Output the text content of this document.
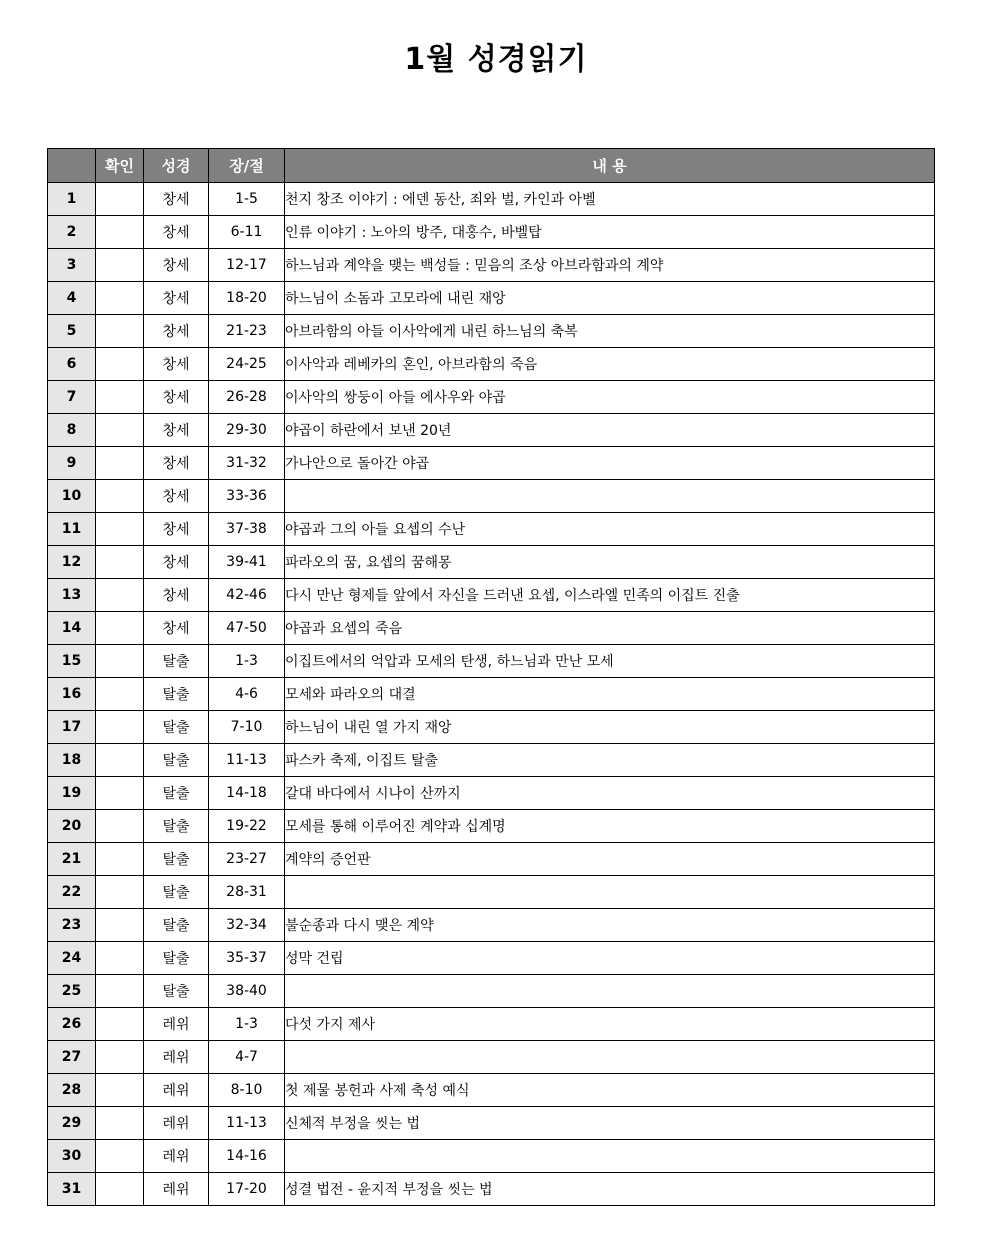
1월 성경읽기
	확인	성경	장/절	내 용
1		창세	1-5	천지 창조 이야기 : 에덴 동산, 죄와 벌, 카인과 아벨
2		창세	6-11	인류 이야기 : 노아의 방주, 대홍수, 바벨탑
3		창세	12-17	하느님과 계약을 맺는 백성들 : 믿음의 조상 아브라함과의 계약
4		창세	18-20	하느님이 소돔과 고모라에 내린 재앙
5		창세	21-23	아브라함의 아들 이사악에게 내린 하느님의 축복
6		창세	24-25	이사악과 레베카의 혼인, 아브라함의 죽음
7		창세	26-28	이사악의 쌍둥이 아들 에사우와 야곱
8		창세	29-30	야곱이 하란에서 보낸 20년
9		창세	31-32	가나안으로 돌아간 야곱
10		창세	33-36	
11		창세	37-38	야곱과 그의 아들 요셉의 수난
12		창세	39-41	파라오의 꿈, 요셉의 꿈해몽
13		창세	42-46	다시 만난 형제들 앞에서 자신을 드러낸 요셉, 이스라엘 민족의 이집트 진출
14		창세	47-50	야곱과 요셉의 죽음
15		탈출	1-3	이집트에서의 억압과 모세의 탄생, 하느님과 만난 모세
16		탈출	4-6	모세와 파라오의 대결
17		탈출	7-10	하느님이 내린 열 가지 재앙
18		탈출	11-13	파스카 축제, 이집트 탈출
19		탈출	14-18	갈대 바다에서 시나이 산까지
20		탈출	19-22	모세를 통해 이루어진 계약과 십계명
21		탈출	23-27	계약의 증언판
22		탈출	28-31	
23		탈출	32-34	불순종과 다시 맺은 계약
24		탈출	35-37	성막 건립
25		탈출	38-40	
26		레위	1-3	다섯 가지 제사
27		레위	4-7	
28		레위	8-10	첫 제물 봉헌과 사제 축성 예식
29		레위	11-13	신체적 부정을 씻는 법
30		레위	14-16	
31		레위	17-20	성결 법전 - 윤지적 부정을 씻는 법
